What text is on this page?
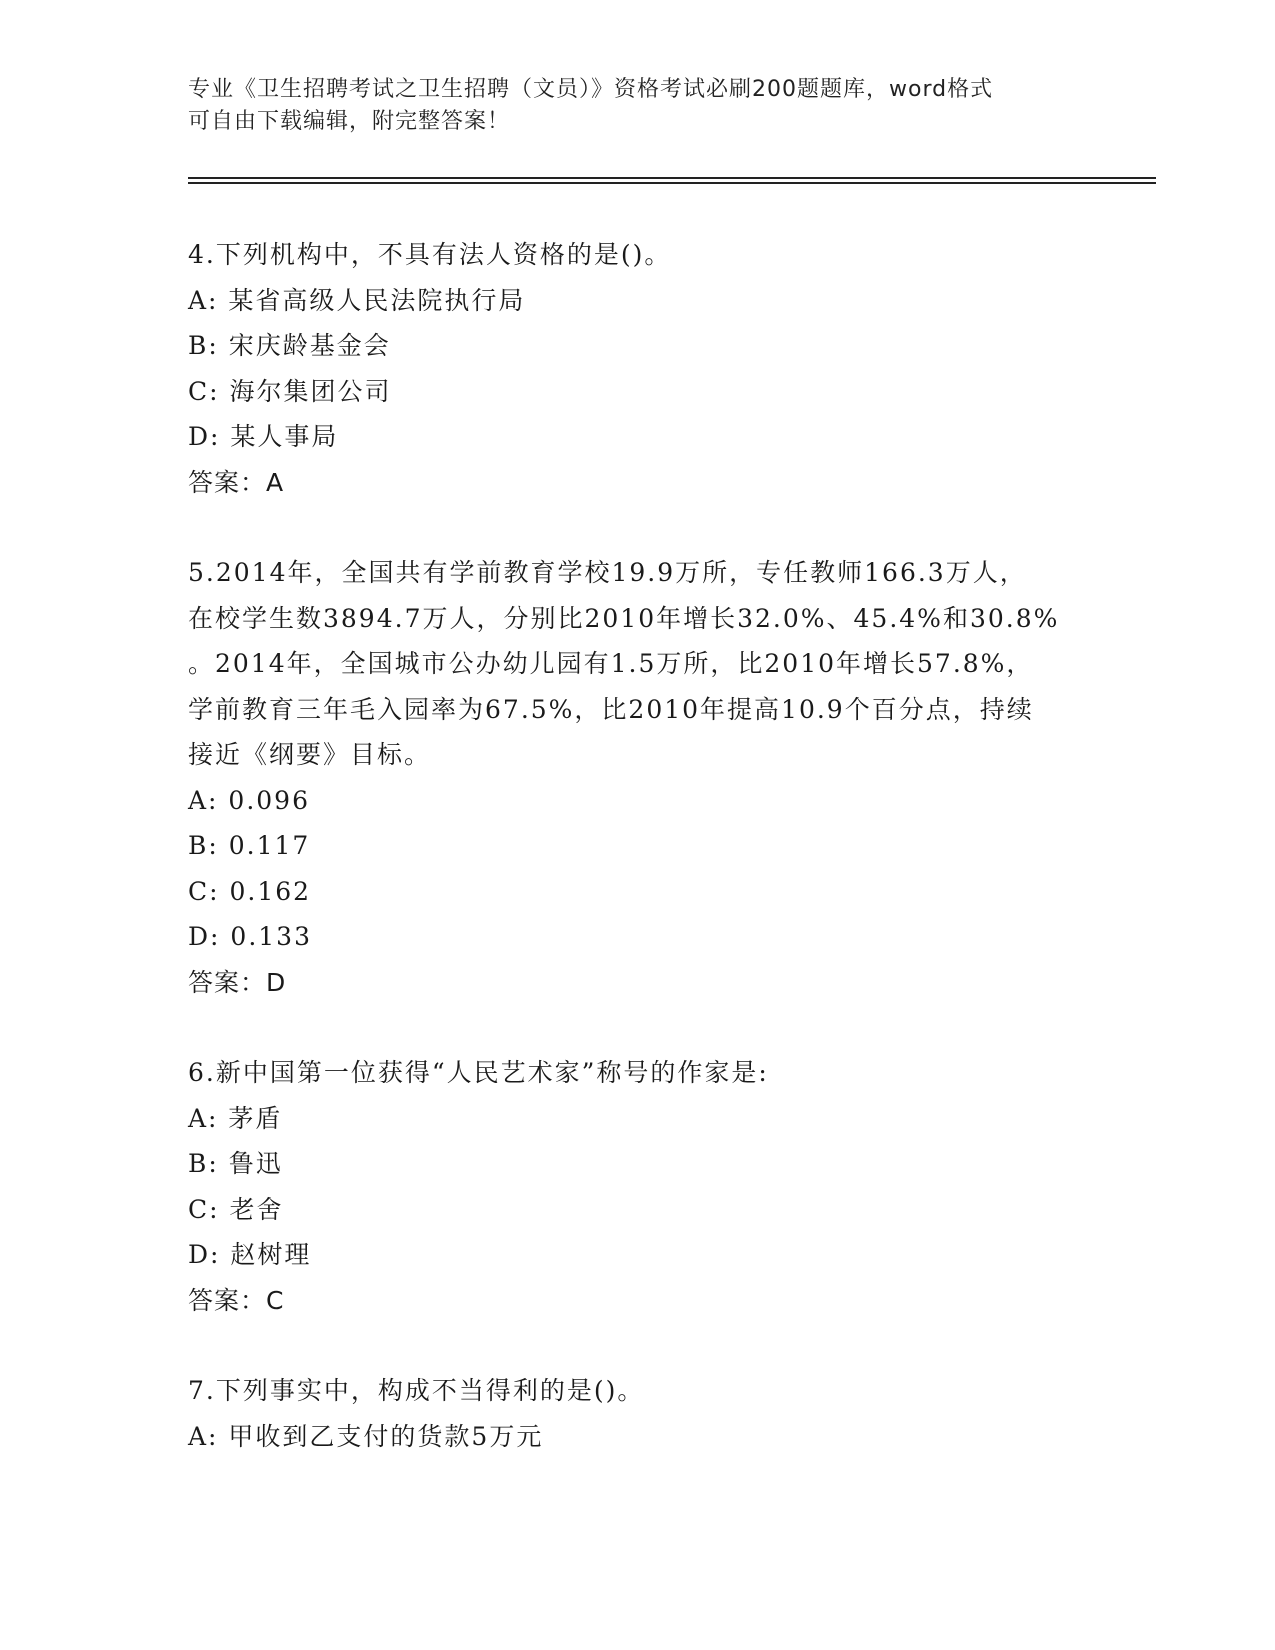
专业《卫生招聘考试之卫生招聘（文员）》资格考试必刷200题题库，word格式
可自由下载编辑，附完整答案！
4.下列机构中，不具有法人资格的是()。
A: 某省高级人民法院执行局
B: 宋庆龄基金会
C: 海尔集团公司
D: 某人事局
答案：A
5.2014年，全国共有学前教育学校19.9万所，专任教师166.3万人，
在校学生数3894.7万人，分别比2010年增长32.0%、45.4%和30.8%
。2014年，全国城市公办幼儿园有1.5万所，比2010年增长57.8%，
学前教育三年毛入园率为67.5%，比2010年提高10.9个百分点，持续
接近《纲要》目标。
A: 0.096
B: 0.117
C: 0.162
D: 0.133
答案：D
6.新中国第一位获得“人民艺术家”称号的作家是:
A: 茅盾
B: 鲁迅
C: 老舍
D: 赵树理
答案：C
7.下列事实中，构成不当得利的是()。
A: 甲收到乙支付的货款5万元
